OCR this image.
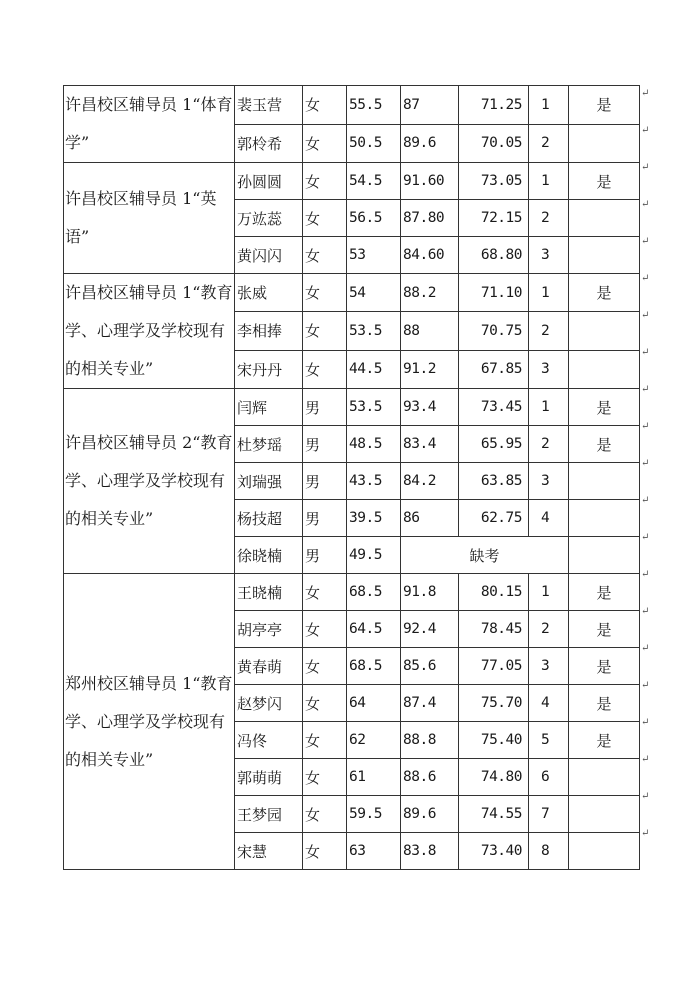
许昌校区辅导员 1“体育学”	裴玉营	女	55.5	87	71.25	1	是
	郭柃希	女	50.5	89.6	70.05	2	
许昌校区辅导员 1“英语”	孙圆圆	女	54.5	91.60	73.05	1	是
	万竑蕊	女	56.5	87.80	72.15	2	
	黄闪闪	女	53	84.60	68.80	3	
许昌校区辅导员 1“教育学、心理学及学校现有的相关专业”	张威	女	54	88.2	71.10	1	是
	李相捧	女	53.5	88	70.75	2	
	宋丹丹	女	44.5	91.2	67.85	3	
许昌校区辅导员 2“教育学、心理学及学校现有的相关专业”	闫辉	男	53.5	93.4	73.45	1	是
	杜梦瑶	男	48.5	83.4	65.95	2	是
	刘瑞强	男	43.5	84.2	63.85	3	
	杨技超	男	39.5	86	62.75	4	
	徐晓楠	男	49.5	缺考			
郑州校区辅导员 1“教育学、心理学及学校现有的相关专业”	王晓楠	女	68.5	91.8	80.15	1	是
	胡亭亭	女	64.5	92.4	78.45	2	是
	黄春萌	女	68.5	85.6	77.05	3	是
	赵梦闪	女	64	87.4	75.70	4	是
	冯佟	女	62	88.8	75.40	5	是
	郭萌萌	女	61	88.6	74.80	6	
	王梦园	女	59.5	89.6	74.55	7	
	宋慧	女	63	83.8	73.40	8	
↵
↵
↵
↵
↵
↵
↵
↵
↵
↵
↵
↵
↵
↵
↵
↵
↵
↵
↵
↵
↵
